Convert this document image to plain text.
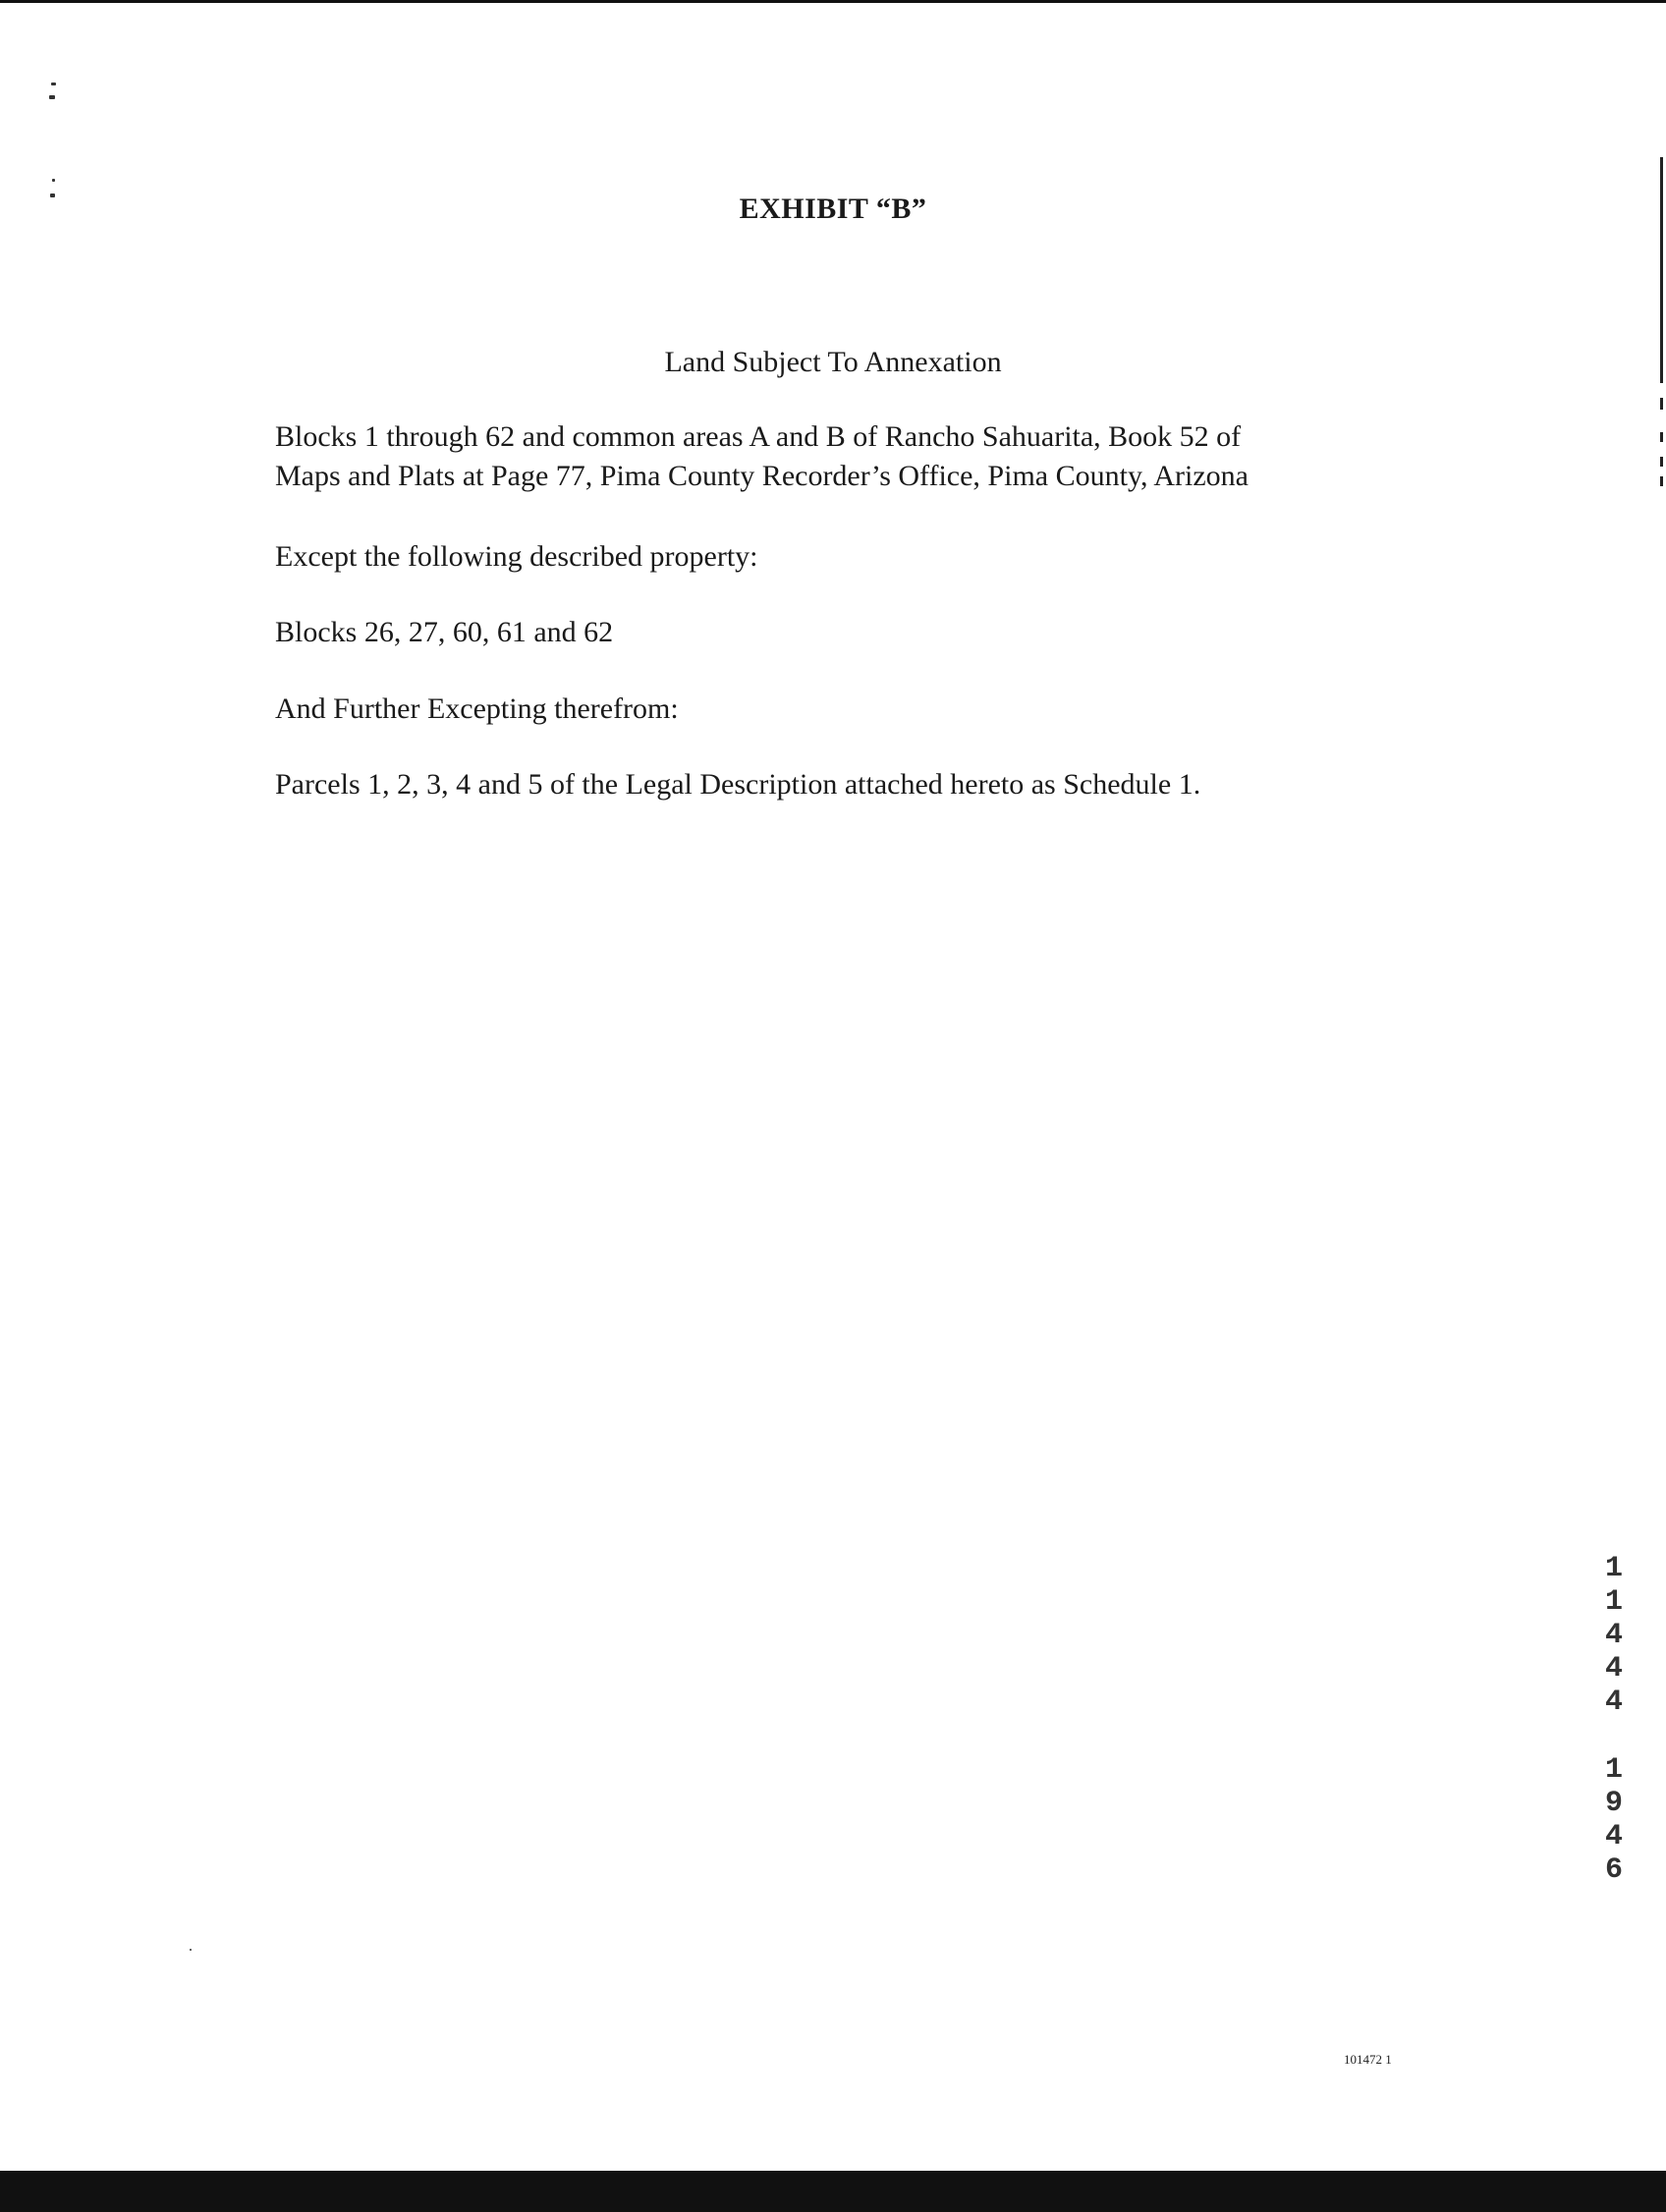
EXHIBIT “B”
Land Subject To Annexation
Blocks 1 through 62 and common areas A and B of Rancho Sahuarita, Book 52 of
Maps and Plats at Page 77, Pima County Recorder’s Office, Pima County, Arizona
Except the following described property:
Blocks 26, 27, 60, 61 and 62
And Further Excepting therefrom:
Parcels 1, 2, 3, 4 and 5 of the Legal Description attached hereto as Schedule 1.
1
1
4
4
4
1
9
4
6
101472 1
